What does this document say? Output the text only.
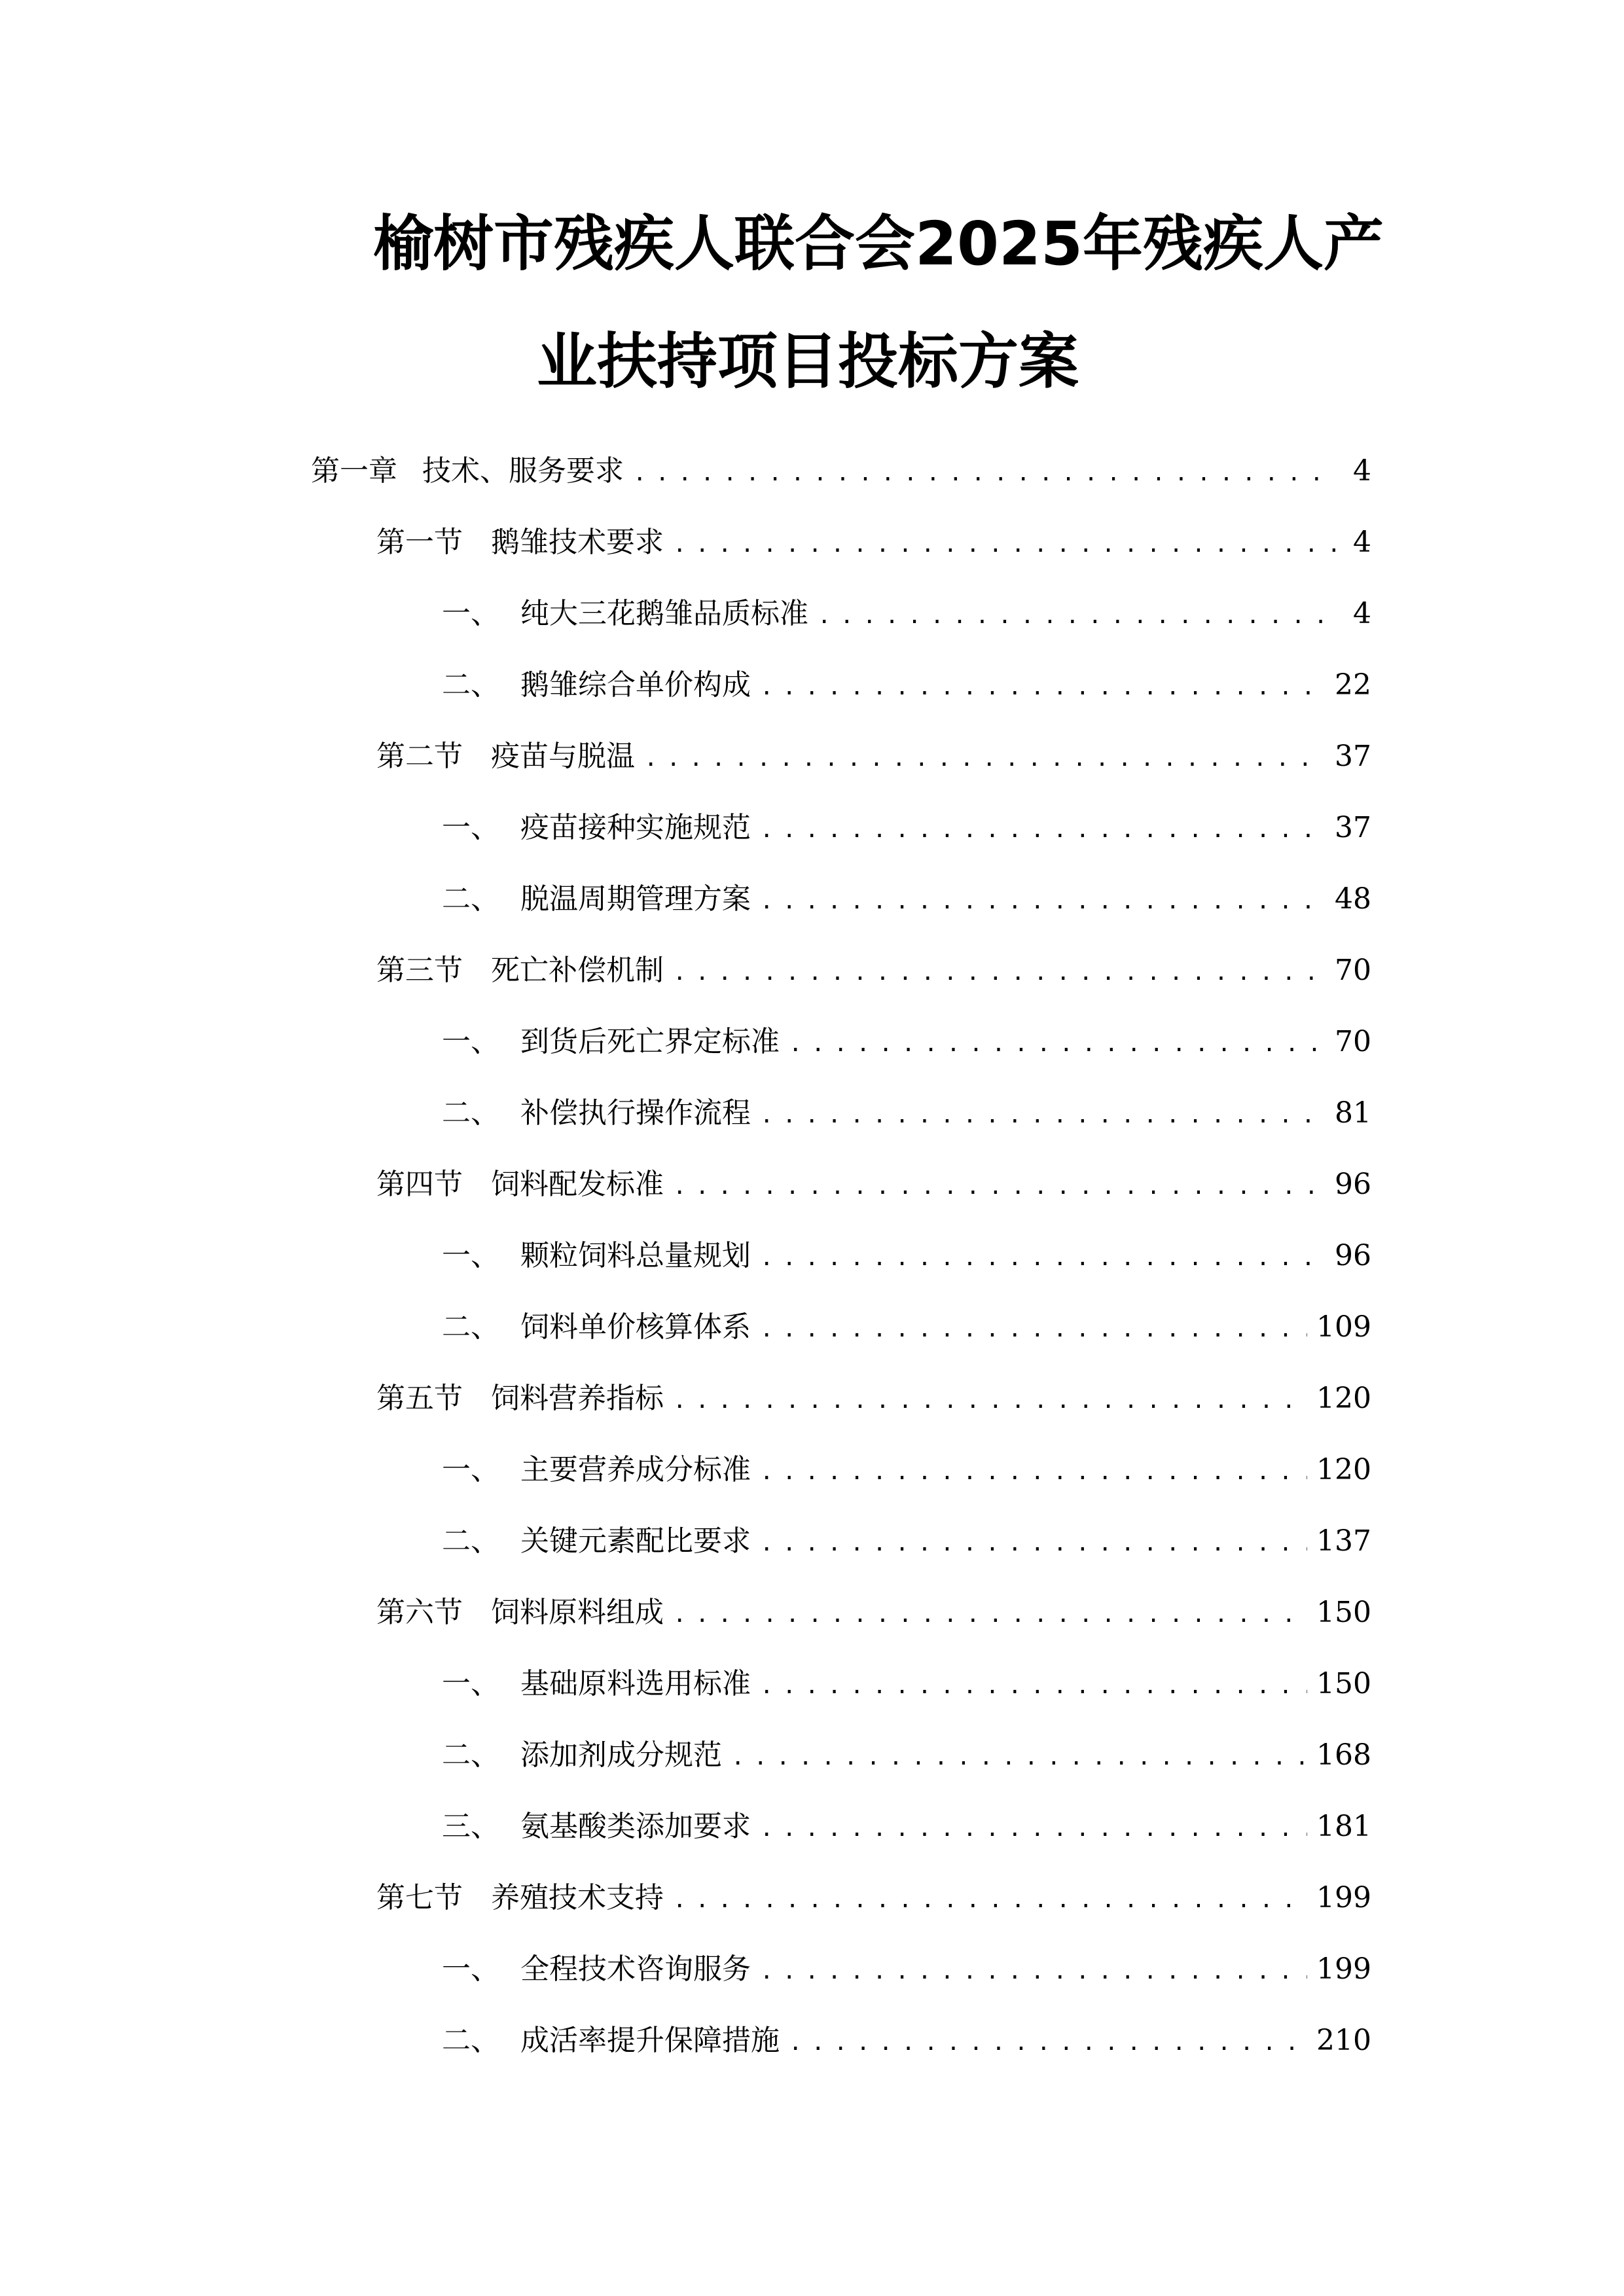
榆树市残疾人联合会2025年残疾人产
业扶持项目投标方案
第一章 技术、服务要求 .....	4
第一节 鹅雏技术要求 .....	4
一、 纯大三花鹅雏品质标准 .....	4
二、 鹅雏综合单价构成 .....	22
第二节 疫苗与脱温 .....	37
一、 疫苗接种实施规范 .....	37
二、 脱温周期管理方案 .....	48
第三节 死亡补偿机制 .....	70
一、 到货后死亡界定标准 .....	70
二、 补偿执行操作流程 .....	81
第四节 饲料配发标准 .....	96
一、 颗粒饲料总量规划 .....	96
二、 饲料单价核算体系 .....	109
第五节 饲料营养指标 .....	120
一、 主要营养成分标准 .....	120
二、 关键元素配比要求 .....	137
第六节 饲料原料组成 .....	150
一、 基础原料选用标准 .....	150
二、 添加剂成分规范 .....	168
三、 氨基酸类添加要求 .....	181
第七节 养殖技术支持 .....	199
一、 全程技术咨询服务 .....	199
二、 成活率提升保障措施 .....	210
